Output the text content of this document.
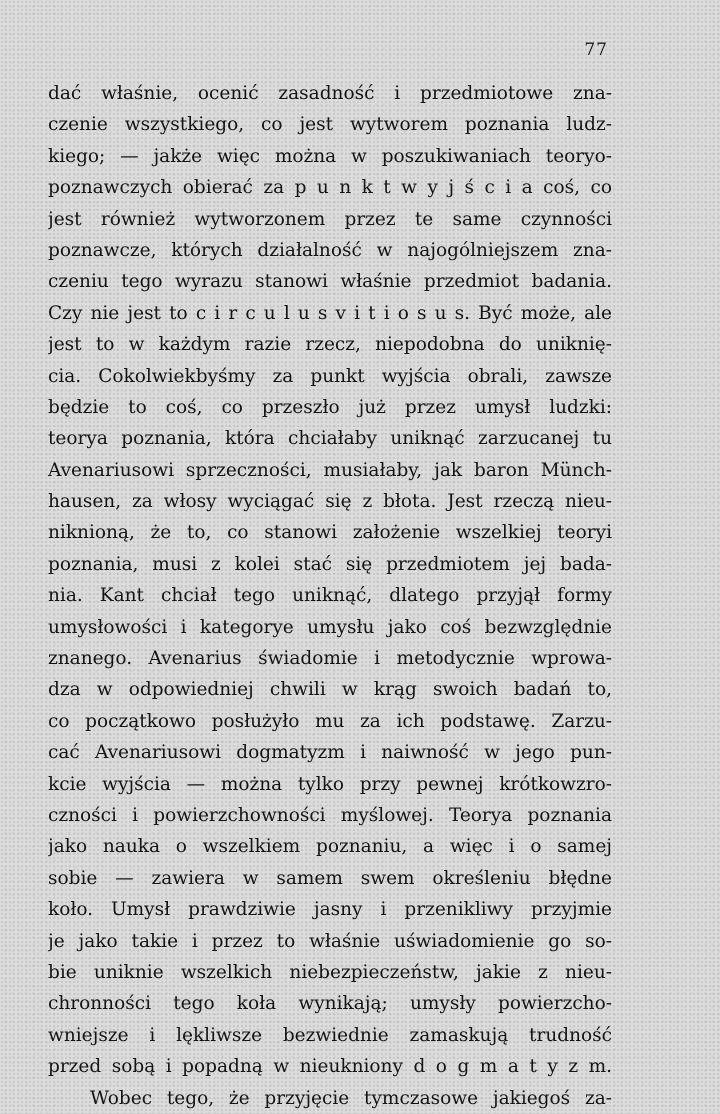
77
dać właśnie, ocenić zasadność i przedmiotowe zna-
czenie wszystkiego, co jest wytworem poznania ludz-
kiego; — jakże więc można w poszukiwaniach teoryo-
poznawczych obierać za p u n k t w y j ś c i a coś, co
jest również wytworzonem przez te same czynności
poznawcze, których działalność w najogólniejszem zna-
czeniu tego wyrazu stanowi właśnie przedmiot badania.
Czy nie jest to c i r c u l u s v i t i o s u s. Być może, ale
jest to w każdym razie rzecz, niepodobna do uniknię-
cia. Cokolwiekbyśmy za punkt wyjścia obrali, zawsze
będzie to coś, co przeszło już przez umysł ludzki:
teorya poznania, która chciałaby uniknąć zarzucanej tu
Avenariusowi sprzeczności, musiałaby, jak baron Münch-
hausen, za włosy wyciągać się z błota. Jest rzeczą nieu-
niknioną, że to, co stanowi założenie wszelkiej teoryi
poznania, musi z kolei stać się przedmiotem jej bada-
nia. Kant chciał tego uniknąć, dlatego przyjął formy
umysłowości i kategorye umysłu jako coś bezwzględnie
znanego. Avenarius świadomie i metodycznie wprowa-
dza w odpowiedniej chwili w krąg swoich badań to,
co początkowo posłużyło mu za ich podstawę. Zarzu-
cać Avenariusowi dogmatyzm i naiwność w jego pun-
kcie wyjścia — można tylko przy pewnej krótkowzro-
czności i powierzchowności myślowej. Teorya poznania
jako nauka o wszelkiem poznaniu, a więc i o samej
sobie — zawiera w samem swem określeniu błędne
koło. Umysł prawdziwie jasny i przenikliwy przyjmie
je jako takie i przez to właśnie uświadomienie go so-
bie uniknie wszelkich niebezpieczeństw, jakie z nieu-
chronności tego koła wynikają; umysły powierzcho-
wniejsze i lękliwsze bezwiednie zamaskują trudność
przed sobą i popadną w nieukniony d o g m a t y z m.
Wobec tego, że przyjęcie tymczasowe jakiegoś za-
